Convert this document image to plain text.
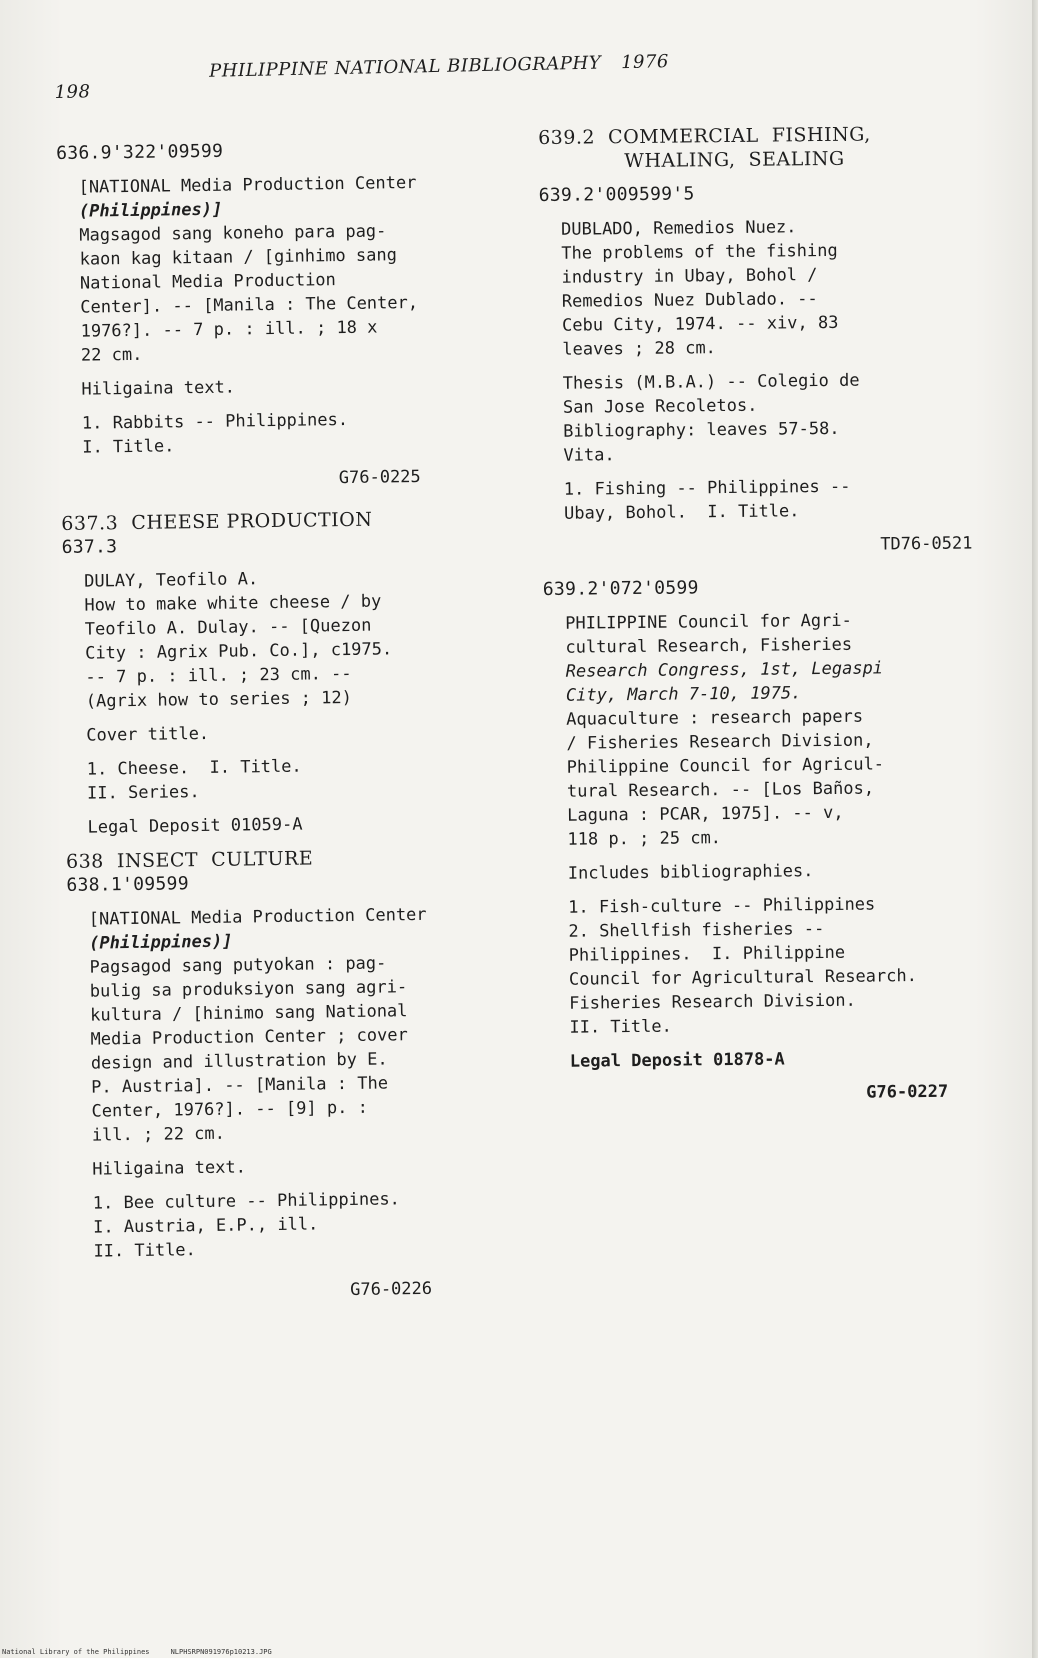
198
PHILIPPINE NATIONAL BIBLIOGRAPHY 1976
636.9'322'09599
[NATIONAL Media Production Center
(Philippines)]
Magsagod sang koneho para pag-
kaon kag kitaan / [ginhimo sang
National Media Production
Center]. -- [Manila : The Center,
1976?]. -- 7 p. : ill. ; 18 x
22 cm.
Hiligaina text.
1. Rabbits -- Philippines.
I. Title.
G76-0225
637.3 CHEESE PRODUCTION
637.3
DULAY, Teofilo A.
How to make white cheese / by
Teofilo A. Dulay. -- [Quezon
City : Agrix Pub. Co.], c1975.
-- 7 p. : ill. ; 23 cm. --
(Agrix how to series ; 12)
Cover title.
1. Cheese.  I. Title.
II. Series.
Legal Deposit 01059-A
638 INSECT  CULTURE
638.1'09599
[NATIONAL Media Production Center
(Philippines)]
Pagsagod sang putyokan : pag-
bulig sa produksiyon sang agri-
kultura / [hinimo sang National
Media Production Center ; cover
design and illustration by E.
P. Austria]. -- [Manila : The
Center, 1976?]. -- [9] p. :
ill. ; 22 cm.
Hiligaina text.
1. Bee culture -- Philippines.
I. Austria, E.P., ill.
II. Title.
G76-0226
639.2 COMMERCIAL  FISHING,
WHALING,  SEALING
639.2'009599'5
DUBLADO, Remedios Nuez.
The problems of the fishing
industry in Ubay, Bohol /
Remedios Nuez Dublado. --
Cebu City, 1974. -- xiv, 83
leaves ; 28 cm.
Thesis (M.B.A.) -- Colegio de
San Jose Recoletos.
Bibliography: leaves 57-58.
Vita.
1. Fishing -- Philippines --
Ubay, Bohol.  I. Title.
TD76-0521
639.2'072'0599
PHILIPPINE Council for Agri-
cultural Research, Fisheries
Research Congress, 1st, Legaspi
City, March 7-10, 1975.
Aquaculture : research papers
/ Fisheries Research Division,
Philippine Council for Agricul-
tural Research. -- [Los Baños,
Laguna : PCAR, 1975]. -- v,
118 p. ; 25 cm.
Includes bibliographies.
1. Fish-culture -- Philippines
2. Shellfish fisheries --
Philippines.  I. Philippine
Council for Agricultural Research.
Fisheries Research Division.
II. Title.
Legal Deposit 01878-A
G76-0227
National Library of the Philippines     NLPHSRPN091976p10213.JPG
